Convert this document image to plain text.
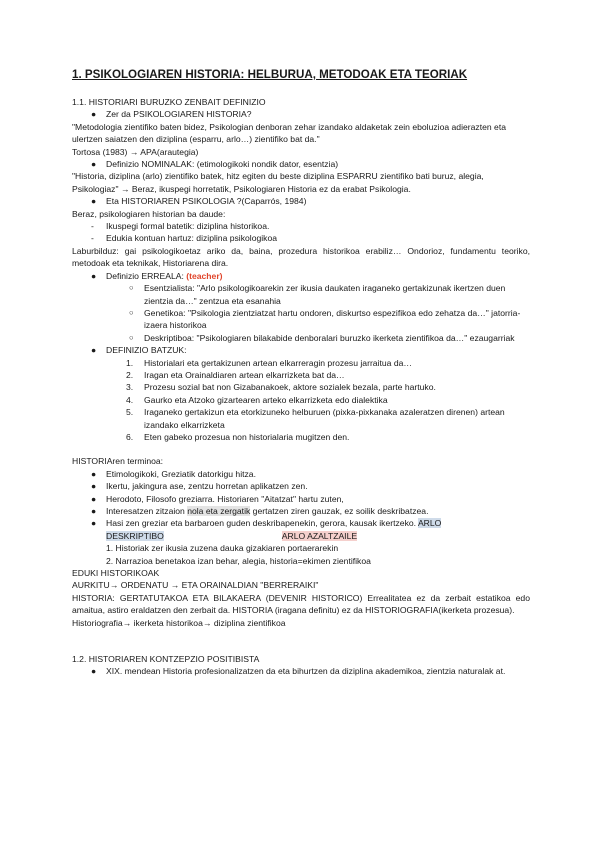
1. PSIKOLOGIAREN HISTORIA: HELBURUA, METODOAK ETA TEORIAK

1.1. HISTORIARI BURUZKO ZENBAIT DEFINIZIO

● Zer da PSIKOLOGIAREN HISTORIA?

"Metodologia zientifiko baten bidez, Psikologian denboran zehar izandako aldaketak zein eboluzioa adierazten eta ulertzen saiatzen den diziplina (esparru, arlo…) zientifiko bat da."

Tortosa (1983) → APA(arautegia)

● Definizio NOMINALAK: (etimologikoki nondik dator, esentzia)

"Historia, diziplina (arlo) zientifiko batek, hitz egiten du beste diziplina ESPARRU zientifiko bati buruz, alegia, Psikologiaz" → Beraz, ikuspegi horretatik, Psikologiaren Historia ez da erabat Psikologia.

● Eta HISTORIAREN PSIKOLOGIA ?(Caparrós, 1984)

Beraz, psikologiaren historian ba daude:

- Ikuspegi formal batetik: diziplina historikoa.
- Edukia kontuan hartuz: diziplina psikologikoa

Laburbilduz: gai psikologikoetaz ariko da, baina, prozedura historikoa erabiliz… Ondorioz, fundamentu teoriko, metodoak eta teknikak, Historiarena dira.

● Definizio ERREALA: (teacher)
○ Esentzialista: "Arlo psikologikoarekin zer ikusia daukaten iraganeko gertakizunak ikertzen duen zientzia da…" zentzua eta esanahia
○ Genetikoa: "Psikologia zientziatzat hartu ondoren, diskurtso espezifikoa edo zehatza da…" jatorria-izaera historikoa
○ Deskriptiboa: "Psikologiaren bilakabide denboralari buruzko ikerketa zientifikoa da…" ezaugarriak
● DEFINIZIO BATZUK:
1. Historialari eta gertakizunen artean elkarreragin prozesu jarraitua da…
2. Iragan eta Orainaldiaren artean elkarrizketa bat da…
3. Prozesu sozial bat non Gizabanakoek, aktore sozialek bezala, parte hartuko.
4. Gaurko eta Atzoko gizartearen arteko elkarrizketa edo dialektika
5. Iraganeko gertakizun eta etorkizuneko helburuen (pixka-pixkanaka azaleratzen direnen) artean izandako elkarrizketa
6. Eten gabeko prozesua non historialaria mugitzen den.

HISTORIAren terminoa:

● Etimologikoki, Greziatik datorkigu hitza.
● Ikertu, jakingura ase, zentzu horretan aplikatzen zen.
● Herodoto, Filosofo greziarra. Historiaren "Aitatzat" hartu zuten,
● Interesatzen zitzaion nola eta zergatik gertatzen ziren gauzak, ez soilik deskribatzea.
● Hasi zen greziar eta barbaroen guden deskribapenekin, gerora, kausak ikertzeko. ARLO
DESKRIPTIBO	ARLO AZALTZAILE

1. Historiak zer ikusia zuzena dauka gizakiaren portaerarekin

2. Narrazioa benetakoa izan behar, alegia, historia=ekimen zientifikoa

EDUKI HISTORIKOAK

AURKITU→ ORDENATU → ETA ORAINALDIAN "BERRERAIKI"

HISTORIA: GERTATUTAKOA ETA BILAKAERA (DEVENIR HISTORICO) Errealitatea ez da zerbait estatikoa edo amaitua, astiro eraldatzen den zerbait da. HISTORIA (iragana definitu) ez da HISTORIOGRAFIA(ikerketa prozesua).

Historiografia→ ikerketa historikoa→ diziplina zientifikoa

1.2. HISTORIAREN KONTZEPZIO POSITIBISTA

● XIX. mendean Historia profesionalizatzen da eta bihurtzen da diziplina akademikoa, zientzia naturalak at.
